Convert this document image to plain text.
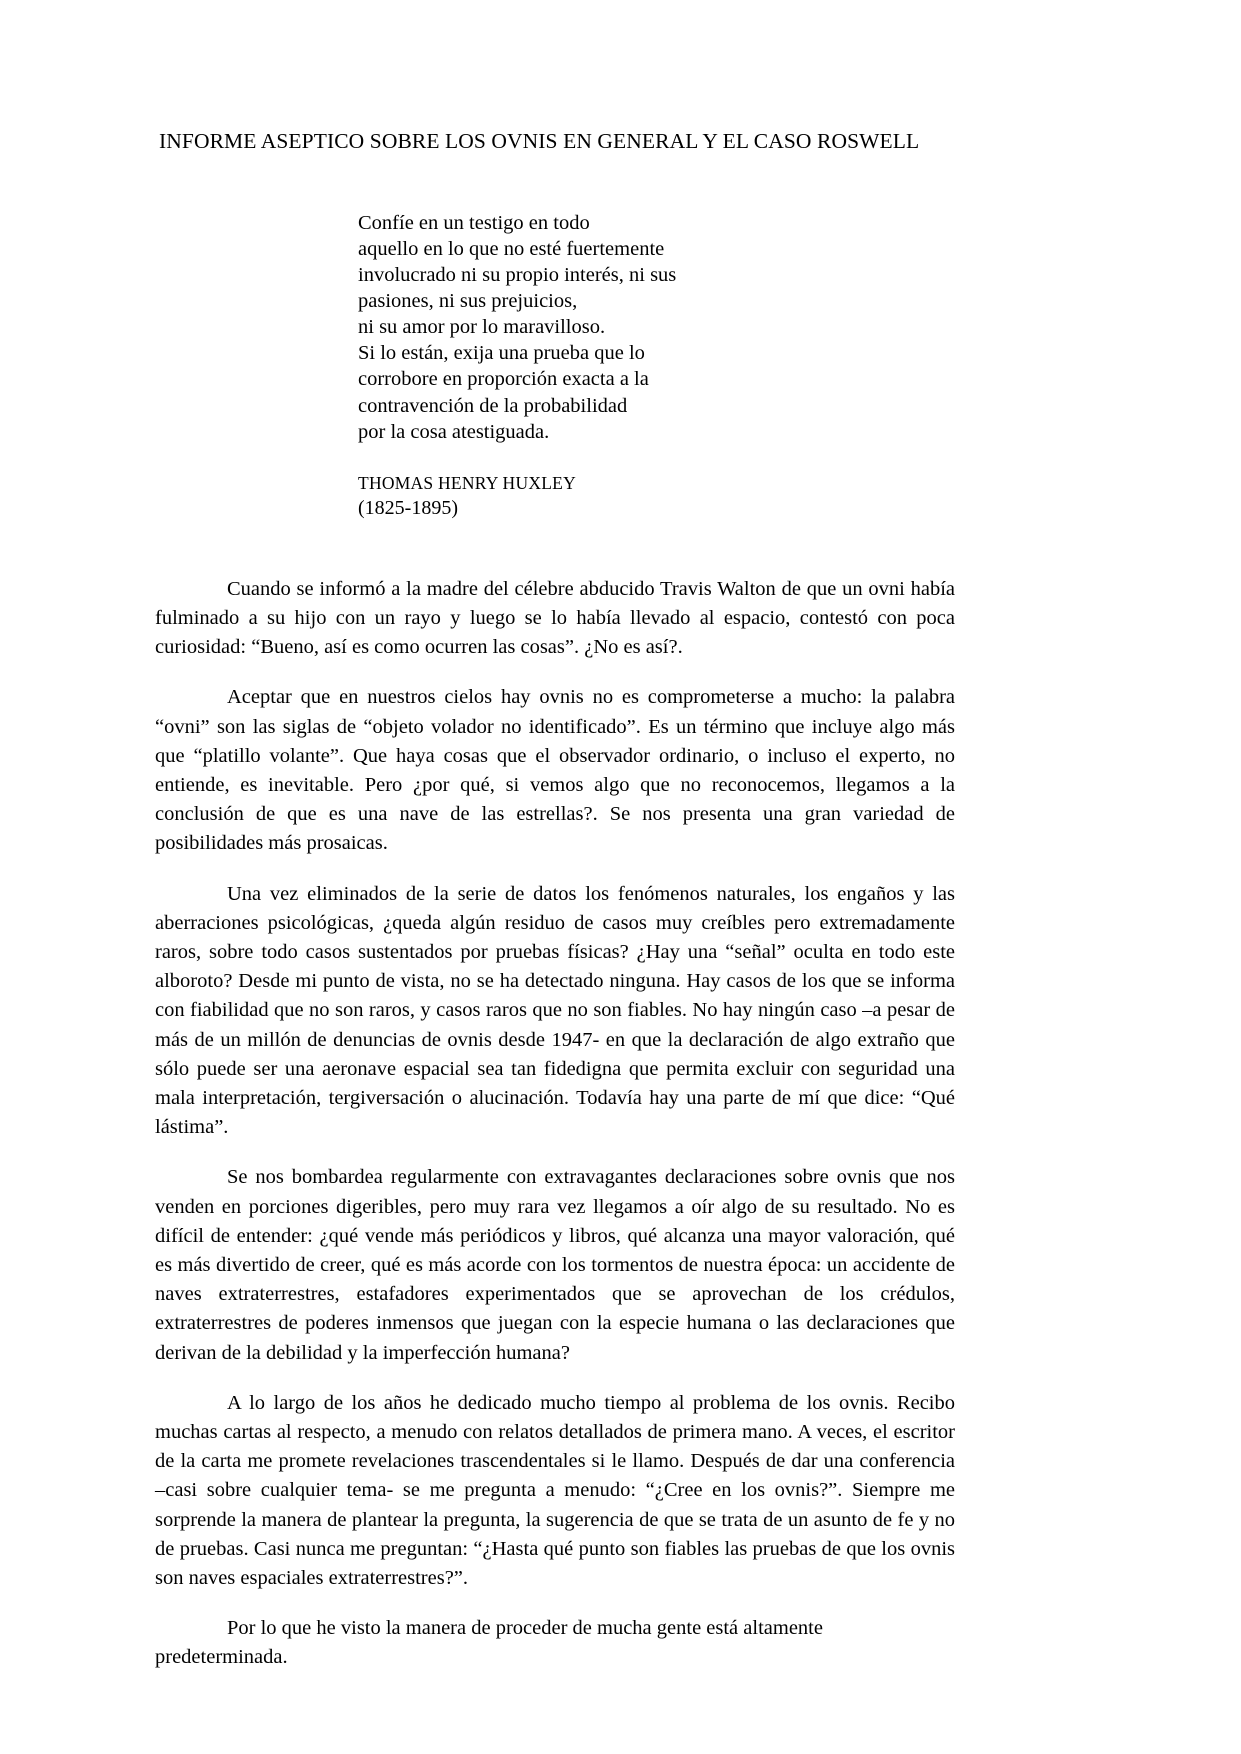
INFORME ASEPTICO SOBRE LOS OVNIS EN GENERAL Y EL CASO ROSWELL
Confíe en un testigo en todo
aquello en lo que no esté fuertemente
involucrado ni su propio interés, ni sus
pasiones, ni sus prejuicios,
ni su amor por lo maravilloso.
Si lo están, exija una prueba que lo
corrobore en proporción exacta a la
contravención de la probabilidad
por la cosa atestiguada.
THOMAS HENRY HUXLEY
(1825-1895)

Cuando se informó a la madre del célebre abducido Travis Walton de que un ovni había fulminado a su hijo con un rayo y luego se lo había llevado al espacio, contestó con poca curiosidad: “Bueno, así es como ocurren las cosas”. ¿No es así?.

Aceptar que en nuestros cielos hay ovnis no es comprometerse a mucho: la palabra “ovni” son las siglas de “objeto volador no identificado”. Es un término que incluye algo más que “platillo volante”. Que haya cosas que el observador ordinario, o incluso el experto, no entiende, es inevitable. Pero ¿por qué, si vemos algo que no reconocemos, llegamos a la conclusión de que es una nave de las estrellas?. Se nos presenta una gran variedad de posibilidades más prosaicas.

Una vez eliminados de la serie de datos los fenómenos naturales, los engaños y las aberraciones psicológicas, ¿queda algún residuo de casos muy creíbles pero extremadamente raros, sobre todo casos sustentados por pruebas físicas? ¿Hay una “señal” oculta en todo este alboroto? Desde mi punto de vista, no se ha detectado ninguna. Hay casos de los que se informa con fiabilidad que no son raros, y casos raros que no son fiables. No hay ningún caso –a pesar de más de un millón de denuncias de ovnis desde 1947- en que la declaración de algo extraño que sólo puede ser una aeronave espacial sea tan fidedigna que permita excluir con seguridad una mala interpretación, tergiversación o alucinación. Todavía hay una parte de mí que dice: “Qué lástima”.

Se nos bombardea regularmente con extravagantes declaraciones sobre ovnis que nos venden en porciones digeribles, pero muy rara vez llegamos a oír algo de su resultado. No es difícil de entender: ¿qué vende más periódicos y libros, qué alcanza una mayor valoración, qué es más divertido de creer, qué es más acorde con los tormentos de nuestra época: un accidente de naves extraterrestres, estafadores experimentados que se aprovechan de los crédulos, extraterrestres de poderes inmensos que juegan con la especie humana o las declaraciones que derivan de la debilidad y la imperfección humana?

A lo largo de los años he dedicado mucho tiempo al problema de los ovnis. Recibo muchas cartas al respecto, a menudo con relatos detallados de primera mano. A veces, el escritor de la carta me promete revelaciones trascendentales si le llamo. Después de dar una conferencia –casi sobre cualquier tema- se me pregunta a menudo: “¿Cree en los ovnis?”. Siempre me sorprende la manera de plantear la pregunta, la sugerencia de que se trata de un asunto de fe y no de pruebas. Casi nunca me preguntan: “¿Hasta qué punto son fiables las pruebas de que los ovnis son naves espaciales extraterrestres?”.

Por lo que he visto la manera de proceder de mucha gente está altamente predeterminada.
